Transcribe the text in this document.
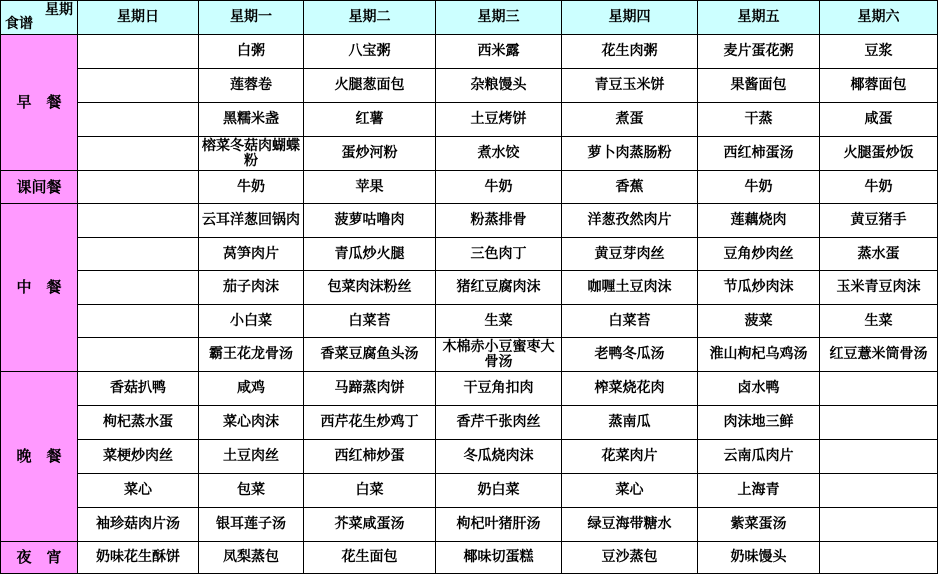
星期
食谱	星期日	星期一	星期二	星期三	星期四	星期五	星期六
早　餐		白粥	八宝粥	西米露	花生肉粥	麦片蛋花粥	豆浆
		莲蓉卷	火腿葱面包	杂粮馒头	青豆玉米饼	果酱面包	椰蓉面包
		黑糯米盏	红薯	土豆烤饼	煮蛋	干蒸	咸蛋
		榕菜冬菇肉蝴蝶粉	蛋炒河粉	煮水饺	萝卜肉蒸肠粉	西红柿蛋汤	火腿蛋炒饭
课间餐		牛奶	苹果	牛奶	香蕉	牛奶	牛奶
中　餐		云耳洋葱回锅肉	菠萝咕噜肉	粉蒸排骨	洋葱孜然肉片	莲藕烧肉	黄豆猪手
		莴笋肉片	青瓜炒火腿	三色肉丁	黄豆芽肉丝	豆角炒肉丝	蒸水蛋
		茄子肉沫	包菜肉沫粉丝	猪红豆腐肉沫	咖喱土豆肉沫	节瓜炒肉沫	玉米青豆肉沫
		小白菜	白菜苔	生菜	白菜苔	菠菜	生菜
		霸王花龙骨汤	香菜豆腐鱼头汤	木棉赤小豆蜜枣大骨汤	老鸭冬瓜汤	淮山枸杞乌鸡汤	红豆薏米筒骨汤
晚　餐	香菇扒鸭	咸鸡	马蹄蒸肉饼	干豆角扣肉	榨菜烧花肉	卤水鸭	
	枸杞蒸水蛋	菜心肉沫	西芹花生炒鸡丁	香芹千张肉丝	蒸南瓜	肉沫地三鲜	
	菜梗炒肉丝	土豆肉丝	西红柿炒蛋	冬瓜烧肉沫	花菜肉片	云南瓜肉片	
	菜心	包菜	白菜	奶白菜	菜心	上海青	
	袖珍菇肉片汤	银耳莲子汤	芥菜咸蛋汤	枸杞叶猪肝汤	绿豆海带糖水	紫菜蛋汤	
夜　宵	奶味花生酥饼	凤梨蒸包	花生面包	椰味切蛋糕	豆沙蒸包	奶味馒头	
